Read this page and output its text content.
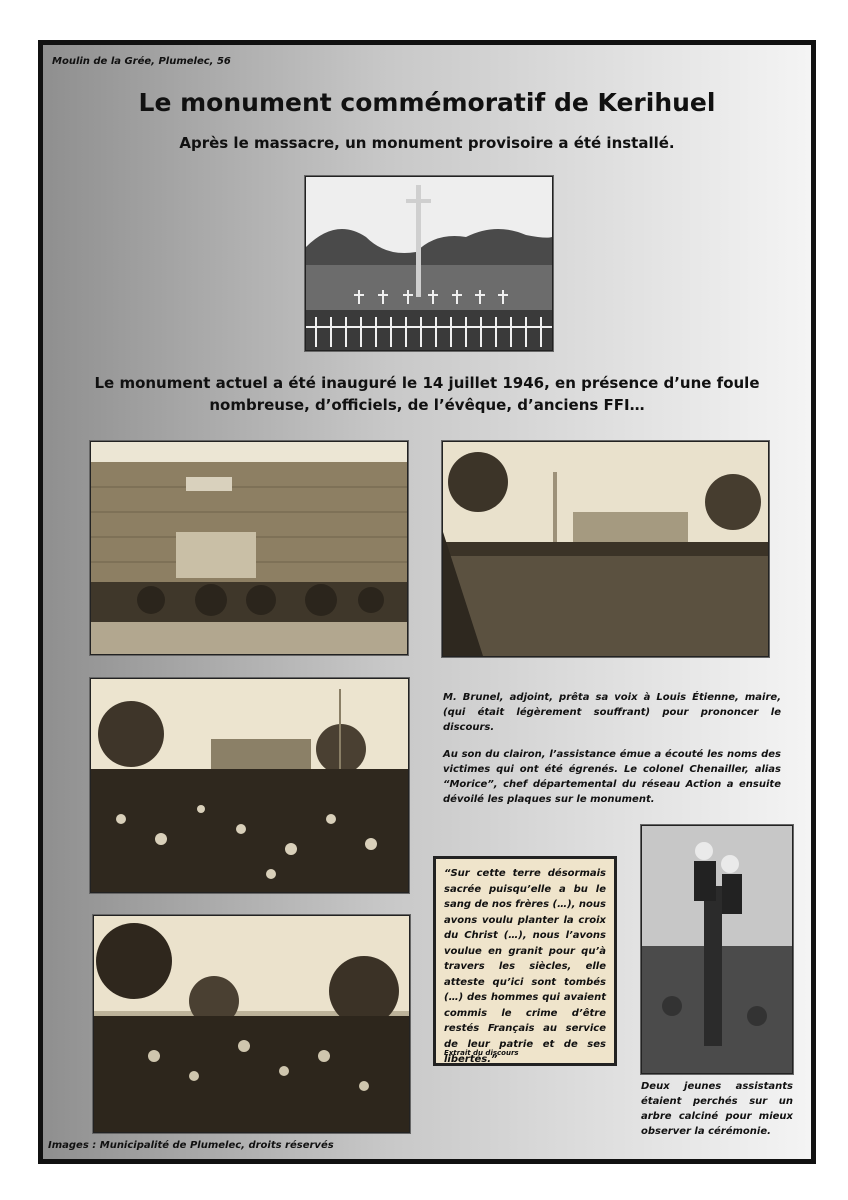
Moulin de la Grée, Plumelec, 56
Le monument commémoratif de Kerihuel
Après le massacre, un monument provisoire a été installé.
Le monument actuel a été inauguré le 14 juillet 1946, en présence d’une foule nombreuse, d’officiels, de l’évêque, d’anciens FFI…

M. Brunel, adjoint, prêta sa voix à Louis Étienne, maire, (qui était légèrement souffrant) pour prononcer le discours.

Au son du clairon, l’assistance émue a écouté les noms des victimes qui ont été égrenés. Le colonel Chenailler, alias “Morice”, chef départemental du réseau Action a ensuite dévoilé les plaques sur le monument.

“Sur cette terre désormais sacrée puisqu’elle a bu le sang de nos frères (…), nous avons voulu planter la croix du Christ (…), nous l’avons voulue en granit pour qu’à travers les siècles, elle atteste qu’ici sont tombés (…) des hommes qui avaient commis le crime d’être restés Français au service de leur patrie et de ses libertés.”
Extrait du discours
Deux jeunes assistants étaient perchés sur un arbre calciné pour mieux observer la cérémonie.
Images : Municipalité de Plumelec, droits réservés
